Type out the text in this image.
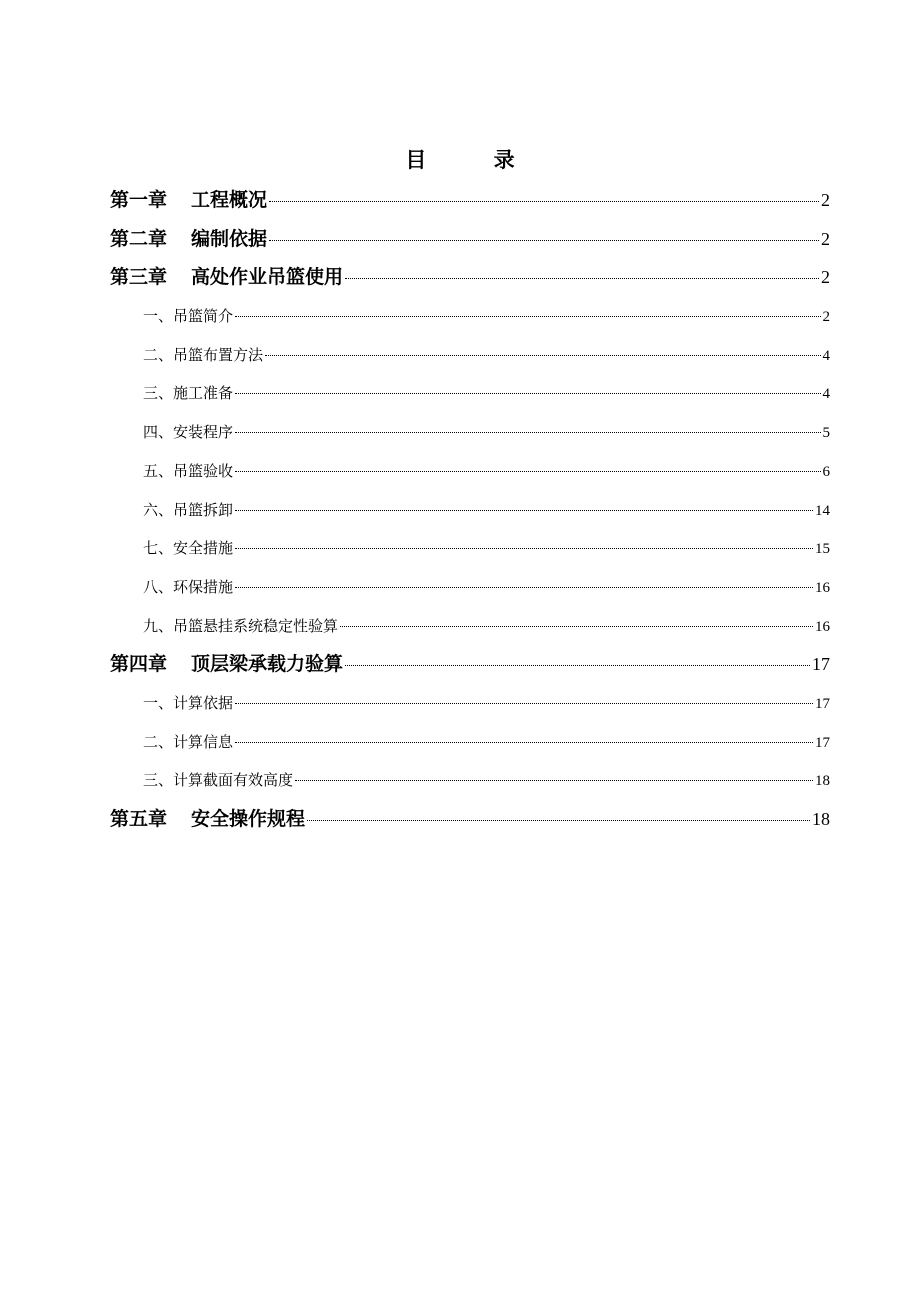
目 录
第一章 工程概况	2
第二章 编制依据	2
第三章 高处作业吊篮使用	2
一、吊篮简介	2
二、吊篮布置方法	4
三、施工准备	4
四、安装程序	5
五、吊篮验收	6
六、吊篮拆卸	14
七、安全措施	15
八、环保措施	16
九、吊篮悬挂系统稳定性验算	16
第四章 顶层梁承载力验算	17
一、计算依据	17
二、计算信息	17
三、计算截面有效高度	18
第五章 安全操作规程	18
